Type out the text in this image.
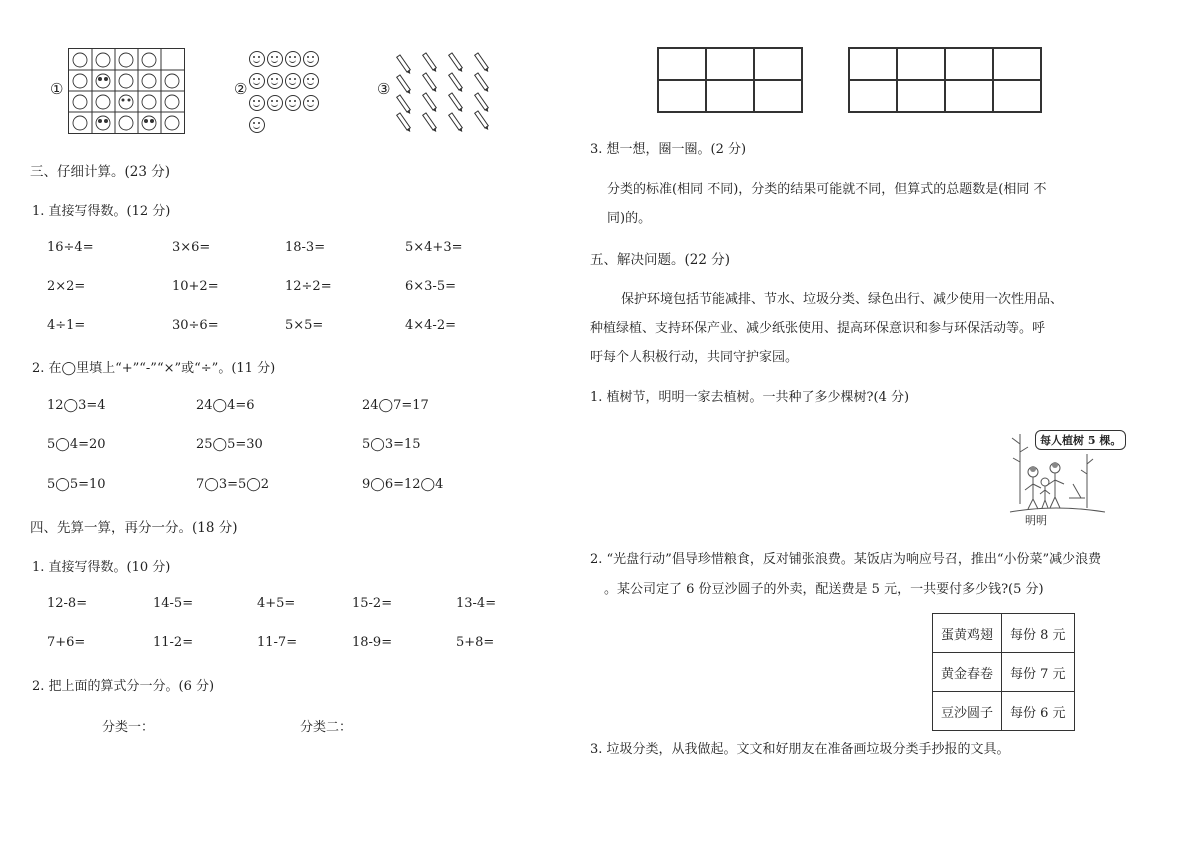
①	②	③
三、仔细计算。(23 分)
1. 直接写得数。(12 分)
16÷4=	3×6=	18-3=	5×4+3=
2×2=	10+2=	12÷2=	6×3-5=
4÷1=	30÷6=	5×5=	4×4-2=
2. 在◯里填上“+”“-”“×”或“÷”。(11 分)
12◯3=4	24◯4=6	24◯7=17
5◯4=20	25◯5=30	5◯3=15
5◯5=10	7◯3=5◯2	9◯6=12◯4
四、先算一算，再分一分。(18 分)
1. 直接写得数。(10 分)
12-8=	14-5=	4+5=	15-2=	13-4=
7+6=	11-2=	11-7=	18-9=	5+8=
2. 把上面的算式分一分。(6 分)
分类一：	分类二：
3. 想一想，圈一圈。(2 分)
分类的标准(相同 不同)，分类的结果可能就不同，但算式的总题数是(相同 不
同)的。
五、解决问题。(22 分)
保护环境包括节能减排、节水、垃圾分类、绿色出行、减少使用一次性用品、
种植绿植、支持环保产业、减少纸张使用、提高环保意识和参与环保活动等。呼
吁每个人积极行动，共同守护家园。
1. 植树节，明明一家去植树。一共种了多少棵树?(4 分)
每人植树 5 棵。
明明
2. “光盘行动”倡导珍惜粮食，反对铺张浪费。某饭店为响应号召，推出“小份菜”减少浪费
。某公司定了 6 份豆沙圆子的外卖，配送费是 5 元，一共要付多少钱?(5 分)
蛋黄鸡翅	每份 8 元
黄金春卷	每份 7 元
豆沙圆子	每份 6 元
3. 垃圾分类，从我做起。文文和好朋友在准备画垃圾分类手抄报的文具。
